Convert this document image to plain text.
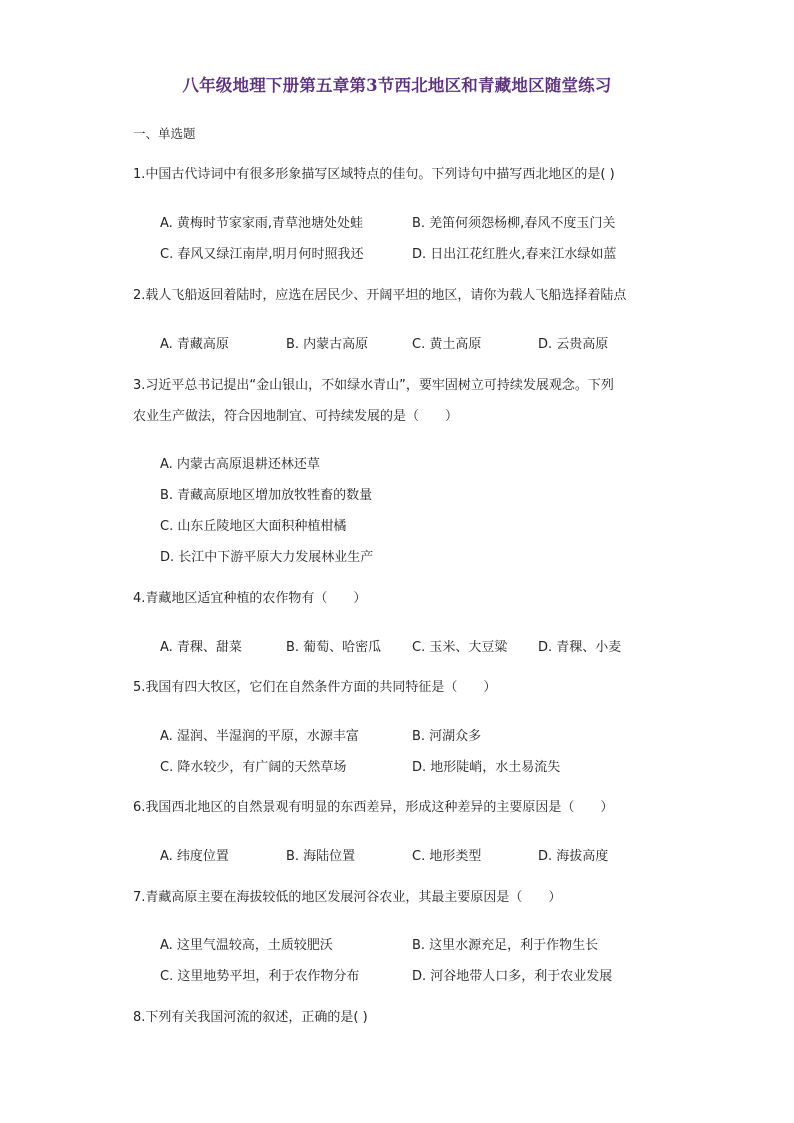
八年级地理下册第五章第3节西北地区和青藏地区随堂练习
一、单选题
1.中国古代诗词中有很多形象描写区域特点的佳句。下列诗句中描写西北地区的是( )
A. 黄梅时节家家雨,青草池塘处处蛙	B. 羌笛何须怨杨柳,春风不度玉门关
C. 春风又绿江南岸,明月何时照我还	D. 日出江花红胜火,春来江水绿如蓝
2.载人飞船返回着陆时，应选在居民少、开阔平坦的地区，请你为载人飞船选择着陆点
A. 青藏高原	B. 内蒙古高原	C. 黄土高原	D. 云贵高原
3.习近平总书记提出“金山银山，不如绿水青山”，要牢固树立可持续发展观念。下列
农业生产做法，符合因地制宜、可持续发展的是（　　）
A. 内蒙古高原退耕还林还草
B. 青藏高原地区增加放牧牲畜的数量
C. 山东丘陵地区大面积种植柑橘
D. 长江中下游平原大力发展林业生产
4.青藏地区适宜种植的农作物有（　　）
A. 青稞、甜菜	B. 葡萄、哈密瓜 C. 玉米、大豆粱 D. 青稞、小麦
5.我国有四大牧区，它们在自然条件方面的共同特征是（　　）
A. 湿润、半湿润的平原，水源丰富	B. 河湖众多
C. 降水较少，有广阔的天然草场	D. 地形陡峭，水土易流失
6.我国西北地区的自然景观有明显的东西差异，形成这种差异的主要原因是（　　）
A. 纬度位置	B. 海陆位置	C. 地形类型	D. 海拔高度
7.青藏高原主要在海拔较低的地区发展河谷农业，其最主要原因是（　　）
A. 这里气温较高，土质较肥沃	B. 这里水源充足，利于作物生长
C. 这里地势平坦，利于农作物分布	D. 河谷地带人口多，利于农业发展
8.下列有关我国河流的叙述，正确的是( )
